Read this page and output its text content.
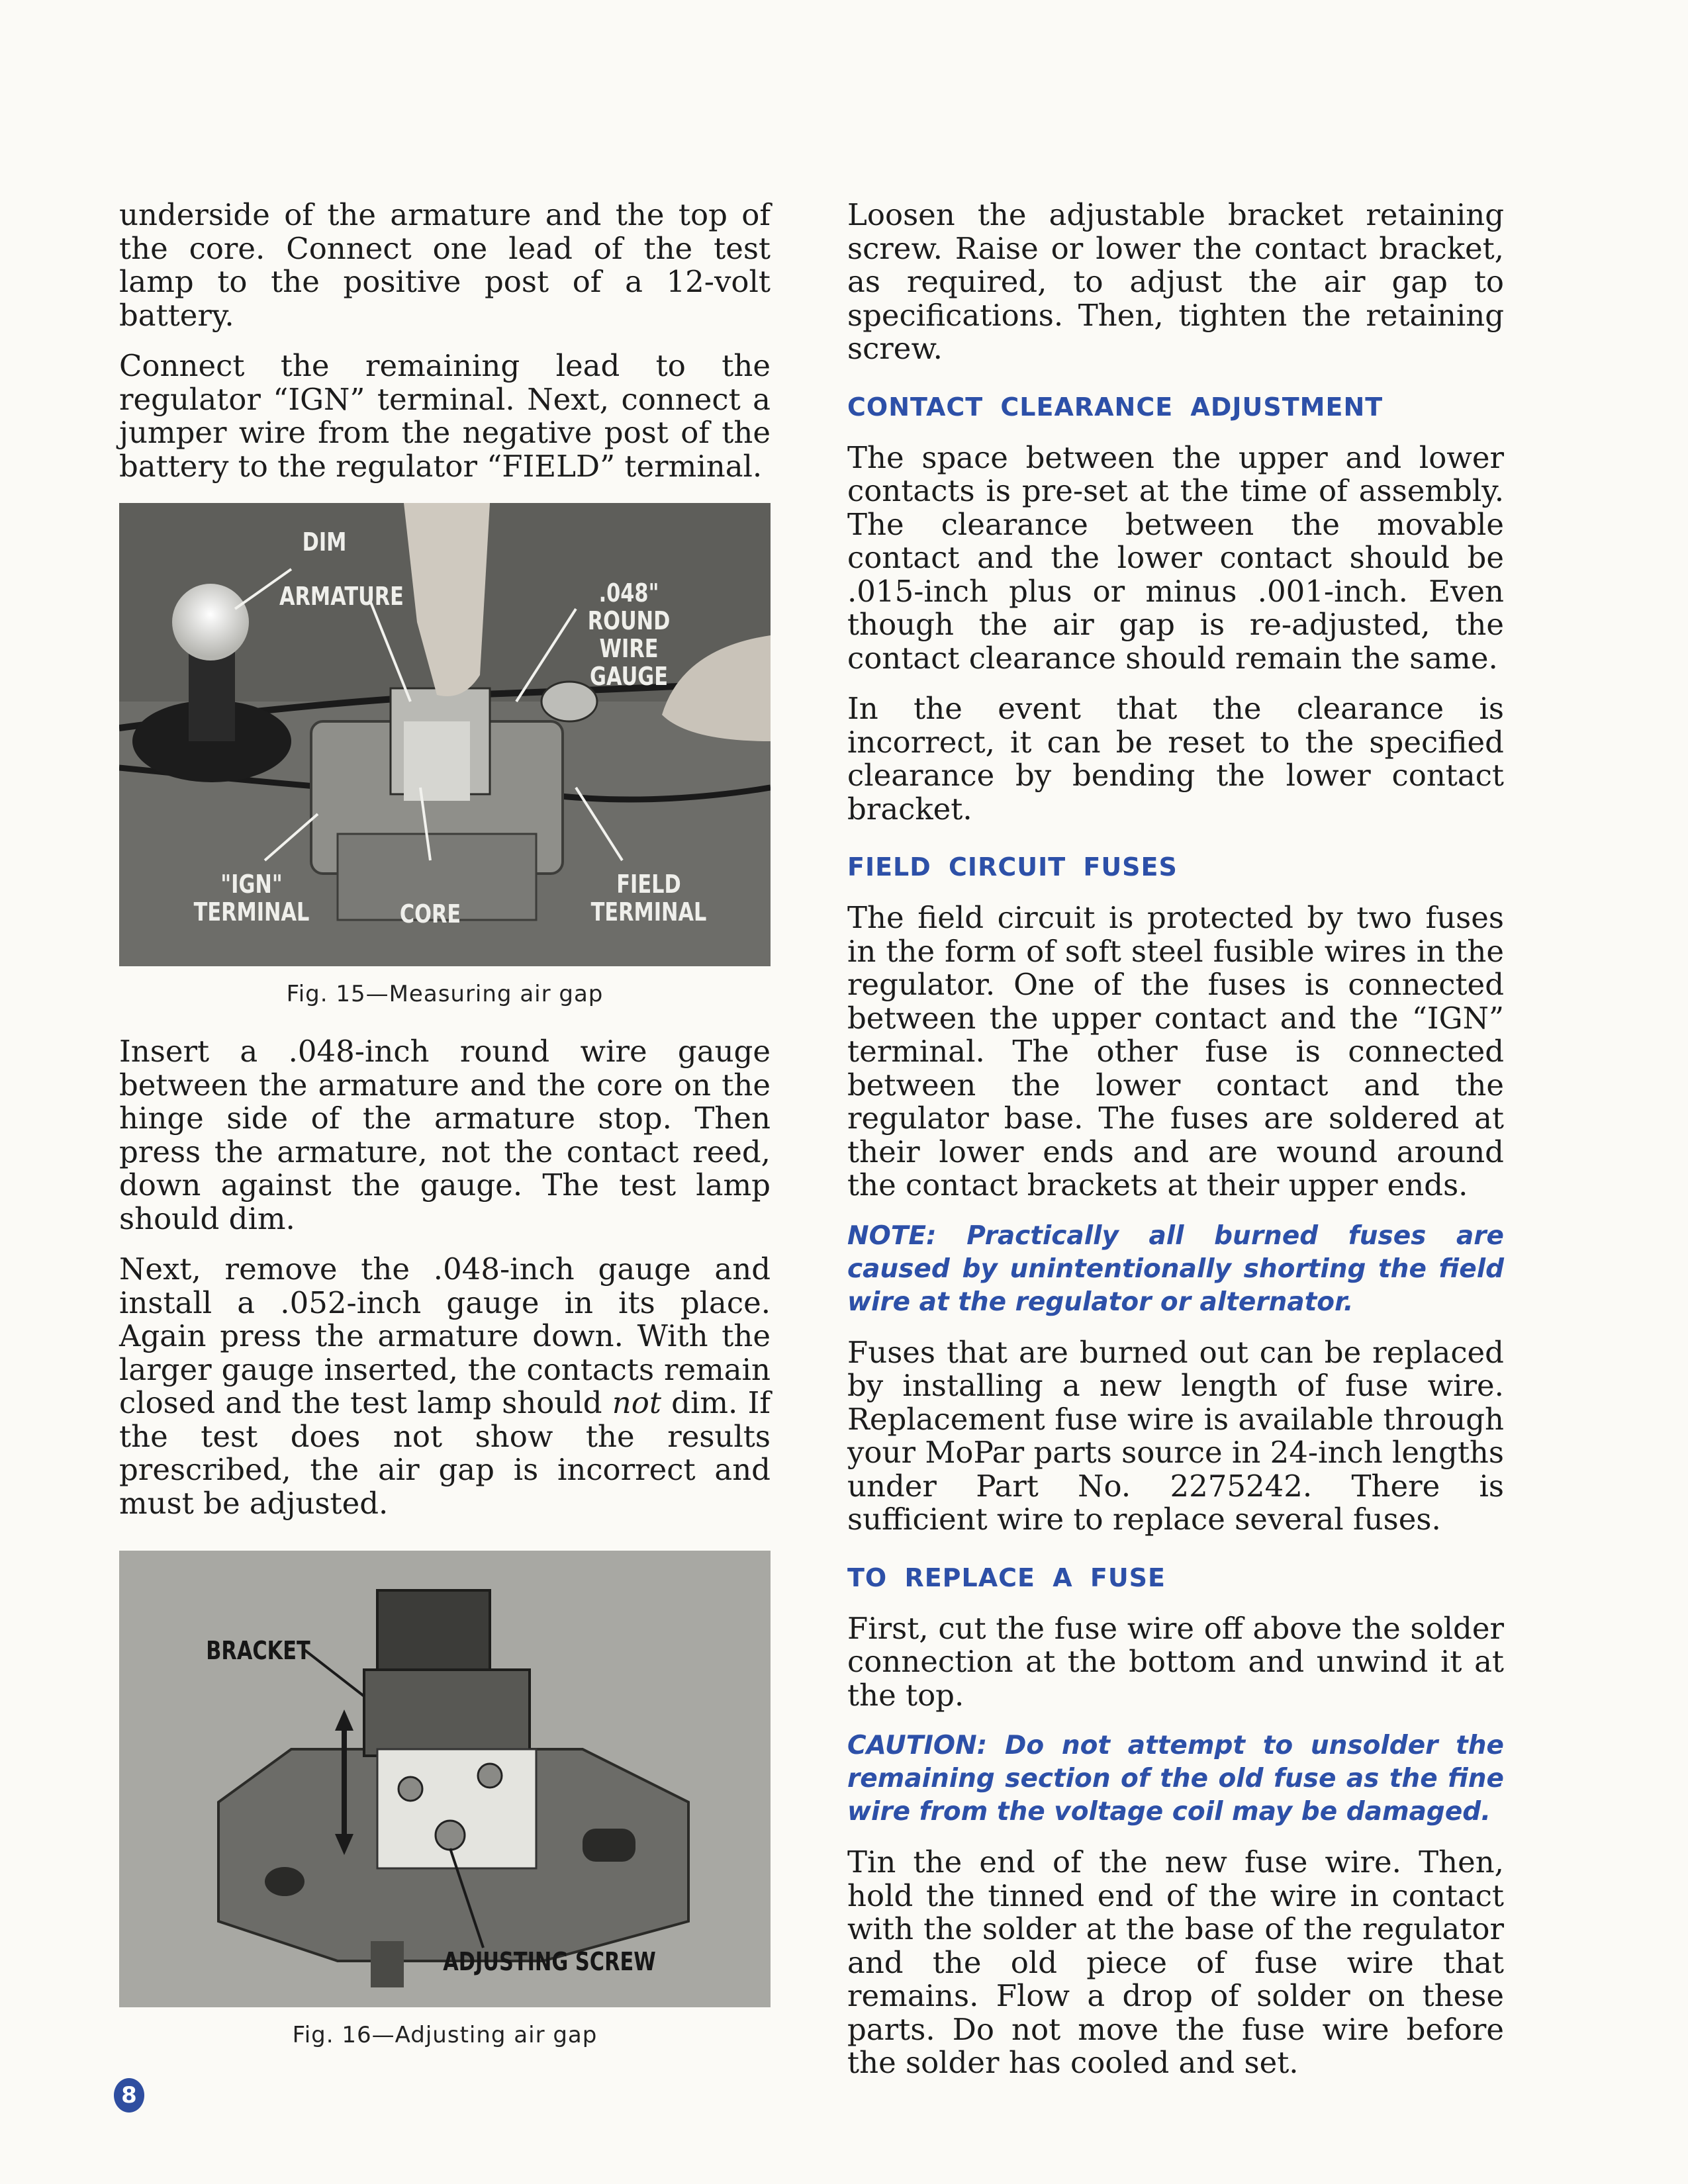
underside of the armature and the top of the core. Connect one lead of the test lamp to the positive post of a 12-volt battery.

Connect the remaining lead to the regulator “IGN” terminal. Next, connect a jumper wire from the negative post of the battery to the regulator “FIELD” terminal.

DIM
ARMATURE	.048" ROUND WIRE GAUGE
"IGN" TERMINAL	CORE
FIELD TERMINAL
Fig. 15—Measuring air gap

Insert a .048-inch round wire gauge between the armature and the core on the hinge side of the armature stop. Then press the armature, not the contact reed, down against the gauge. The test lamp should dim.

Next, remove the .048-inch gauge and install a .052-inch gauge in its place. Again press the armature down. With the larger gauge inserted, the contacts remain closed and the test lamp should not dim. If the test does not show the results prescribed, the air gap is incorrect and must be adjusted.

BRACKET
ADJUSTING SCREW
Fig. 16—Adjusting air gap

Loosen the adjustable bracket retaining screw. Raise or lower the contact bracket, as required, to adjust the air gap to specifications. Then, tighten the retaining screw.

CONTACT CLEARANCE ADJUSTMENT

The space between the upper and lower contacts is pre-set at the time of assembly. The clearance between the movable contact and the lower contact should be .015-inch plus or minus .001-inch. Even though the air gap is re-adjusted, the contact clearance should remain the same.

In the event that the clearance is incorrect, it can be reset to the specified clearance by bending the lower contact bracket.

FIELD CIRCUIT FUSES

The field circuit is protected by two fuses in the form of soft steel fusible wires in the regulator. One of the fuses is connected between the upper contact and the “IGN” terminal. The other fuse is connected between the lower contact and the regulator base. The fuses are soldered at their lower ends and are wound around the contact brackets at their upper ends.

NOTE: Practically all burned fuses are caused by unintentionally shorting the field wire at the regulator or alternator.

Fuses that are burned out can be replaced by installing a new length of fuse wire. Replacement fuse wire is available through your MoPar parts source in 24-inch lengths under Part No. 2275242. There is sufficient wire to replace several fuses.

TO REPLACE A FUSE

First, cut the fuse wire off above the solder connection at the bottom and unwind it at the top.

CAUTION: Do not attempt to unsolder the remaining section of the old fuse as the fine wire from the voltage coil may be damaged.

Tin the end of the new fuse wire. Then, hold the tinned end of the wire in contact with the solder at the base of the regulator and the old piece of fuse wire that remains. Flow a drop of solder on these parts. Do not move the fuse wire before the solder has cooled and set.

8
